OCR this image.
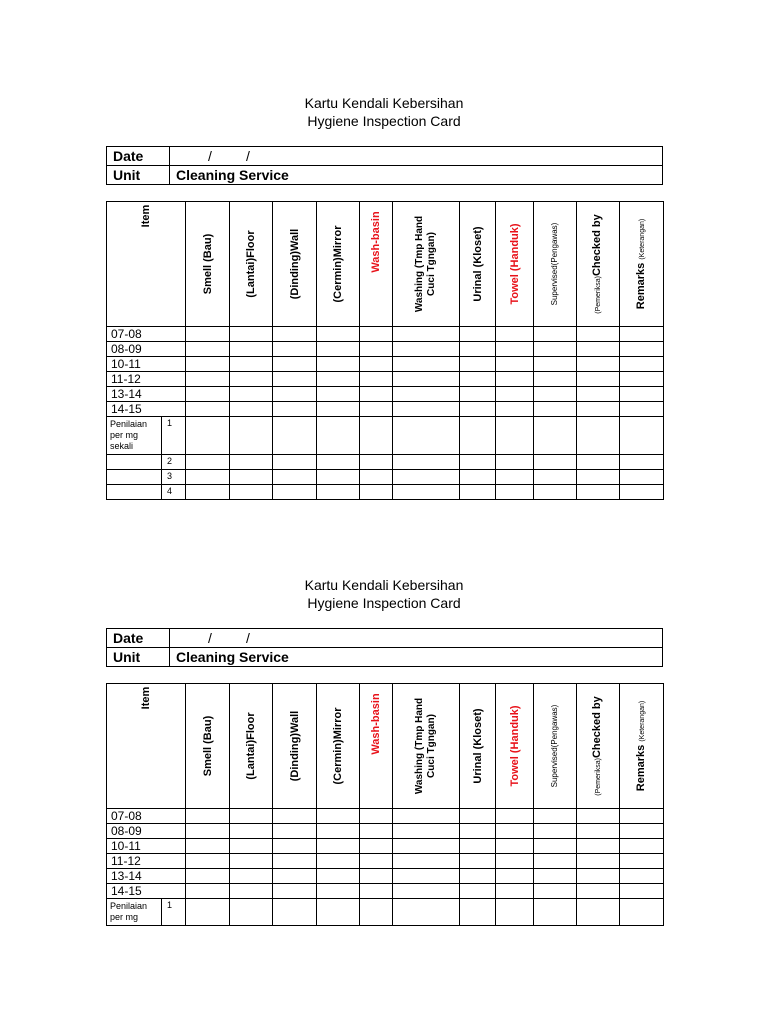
Kartu Kendali Kebersihan
Hygiene Inspection Card
Date	/ /
Unit	Cleaning Service
Item		Smell (Bau)	(Lantai)Floor	(Dinding)Wall	(Cermin)Mirror	Wash-basin	Washing (Tmp Hand
Cuci Tgngan)	Urinal (Kloset)	Towel (Handuk)	Supervised(Pengawas)	(Pemeriksa)Checked by	Remarks (Keterangan)

07-08												
08-09												
10-11												
11-12												
13-14												
14-15												
Penilaian per mg sekali	1											
	2											
	3											
	4											
Kartu Kendali Kebersihan
Hygiene Inspection Card
Date	/ /
Unit	Cleaning Service
Item		Smell (Bau)	(Lantai)Floor	(Dinding)Wall	(Cermin)Mirror	Wash-basin	Washing (Tmp Hand
Cuci Tgngan)	Urinal (Kloset)	Towel (Handuk)	Supervised(Pengawas)	(Pemeriksa)Checked by	Remarks (Keterangan)

07-08												
08-09												
10-11												
11-12												
13-14												
14-15												
Penilaian per mg	1											
